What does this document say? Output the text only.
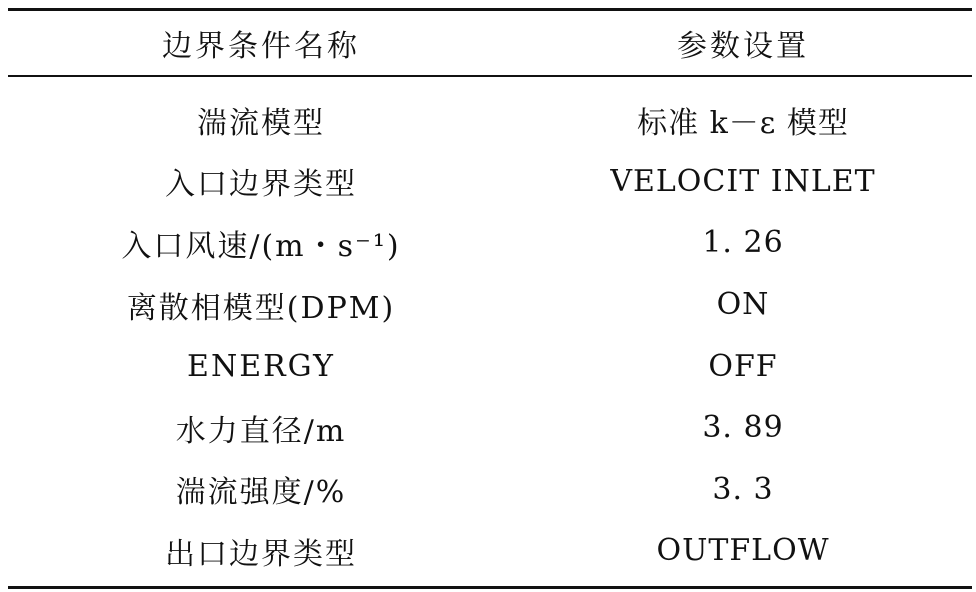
边界条件名称	参数设置
湍流模型	标准 k－ε 模型
入口边界类型	VELOCIT INLET
入口风速/(m・s⁻¹)	1. 26
离散相模型(DPM)	ON
ENERGY	OFF
水力直径/m	3. 89
湍流强度/%	3. 3
出口边界类型	OUTFLOW
